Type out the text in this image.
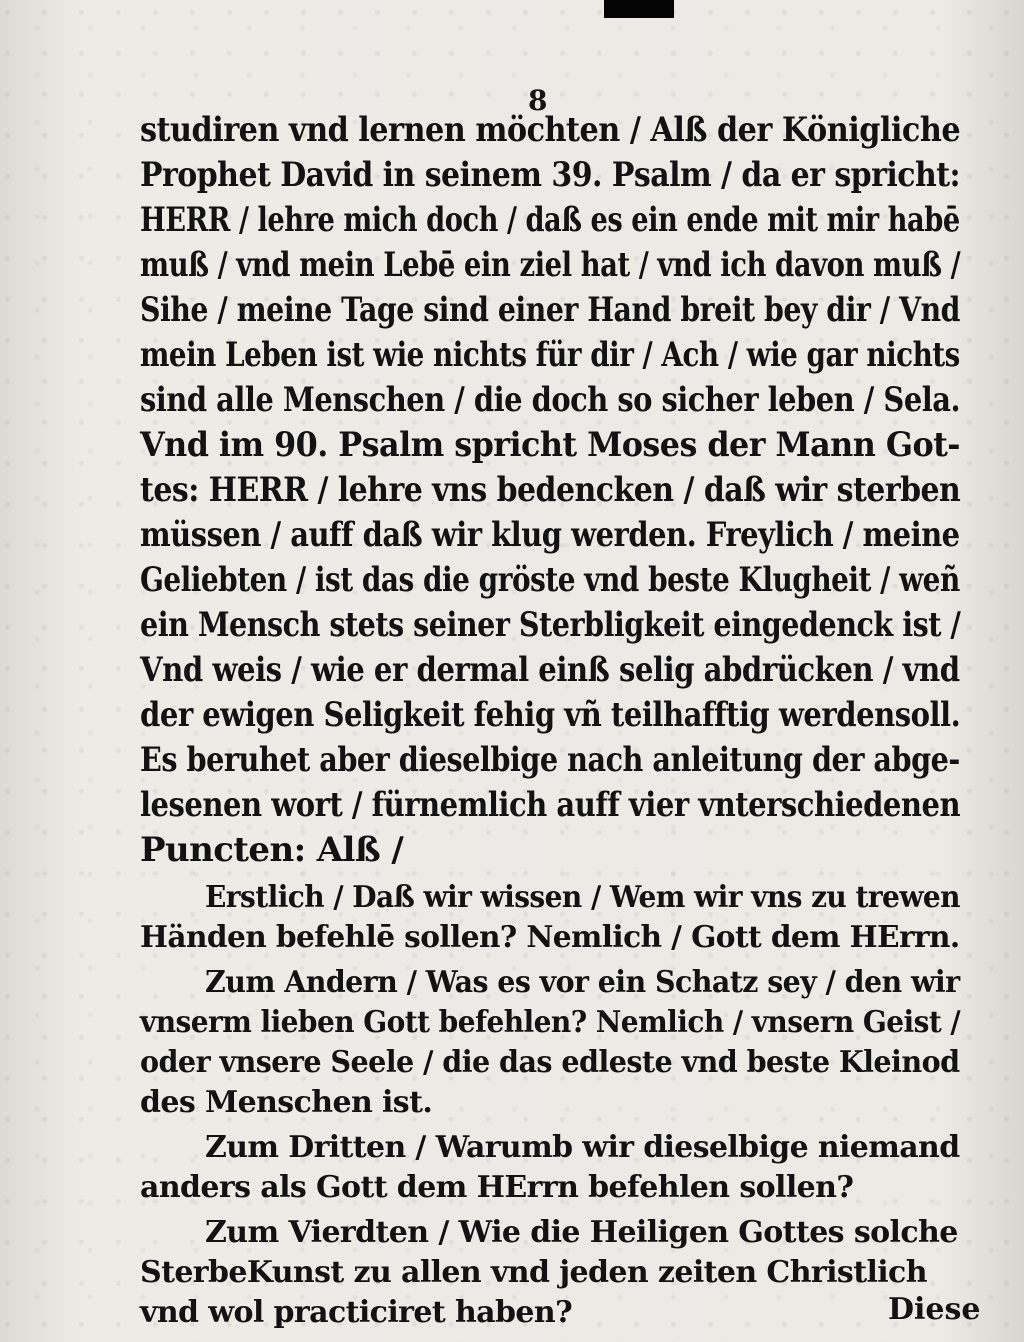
8
studiren vnd lernen möchten / Alß der Königliche
Prophet David in seinem 39. Psalm / da er spricht:
HERR / lehre mich doch / daß es ein ende mit mir habē
muß / vnd mein Lebē ein ziel hat / vnd ich davon muß /
Sihe / meine Tage sind einer Hand breit bey dir / Vnd
mein Leben ist wie nichts für dir / Ach / wie gar nichts
sind alle Menschen / die doch so sicher leben / Sela.
Vnd im 90. Psalm spricht Moses der Mann Got-
tes: HERR / lehre vns bedencken / daß wir sterben
müssen / auff daß wir klug werden. Freylich / meine
Geliebten / ist das die gröste vnd beste Klugheit / weñ
ein Mensch stets seiner Sterbligkeit eingedenck ist /
Vnd weis / wie er dermal einß selig abdrücken / vnd
der ewigen Seligkeit fehig vñ teilhafftig werdensoll.
Es beruhet aber dieselbige nach anleitung der abge-
lesenen wort / fürnemlich auff vier vnterschiedenen
Puncten: Alß /
Erstlich / Daß wir wissen / Wem wir vns zu trewen
Händen befehlē sollen? Nemlich / Gott dem HErrn.
Zum Andern / Was es vor ein Schatz sey / den wir
vnserm lieben Gott befehlen? Nemlich / vnsern Geist /
oder vnsere Seele / die das edleste vnd beste Kleinod
des Menschen ist.
Zum Dritten / Warumb wir dieselbige niemand
anders als Gott dem HErrn befehlen sollen?
Zum Vierdten / Wie die Heiligen Gottes solche
SterbeKunst zu allen vnd jeden zeiten Christlich
vnd wol practiciret haben?	Diese
